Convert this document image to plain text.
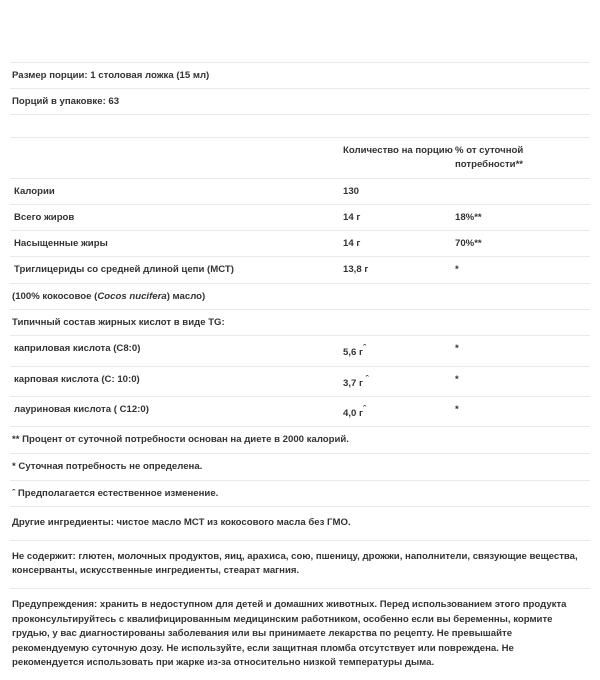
Размер порции: 1 столовая ложка (15 мл)
Порций в упаковке: 63
Количество на порцию % от суточной потребности**
Калории	130
Всего жиров	14 г	18%**
Насыщенные жиры	14 г	70%**
Триглицериды со средней длиной цепи (МСТ)	13,8 г	*
(100% кокосовое (Cocos nucifera) масло)
Типичный состав жирных кислот в виде TG:
каприловая кислота (C8:0)	5,6 гˆ	*
карповая кислота (C: 10:0)	3,7 г ˆ	*
лауриновая кислота ( C12:0)	4,0 гˆ	*
** Процент от суточной потребности основан на диете в 2000 калорий.
* Суточная потребность не определена.
ˆ Предполагается естественное изменение.
Другие ингредиенты: чистое масло МСТ из кокосового масла без ГМО.
Не содержит: глютен, молочных продуктов, яиц, арахиса, сою, пшеницу, дрожжи, наполнители, связующие вещества, консерванты, искусственные ингредиенты, стеарат магния.
Предупреждения: хранить в недоступном для детей и домашних животных. Перед использованием этого продукта проконсультируйтесь с квалифицированным медицинским работником, особенно если вы беременны, кормите грудью, у вас диагностированы заболевания или вы принимаете лекарства по рецепту. Не превышайте рекомендуемую суточную дозу. Не используйте, если защитная пломба отсутствует или повреждена. Не рекомендуется использовать при жарке из-за относительно низкой температуры дыма.
